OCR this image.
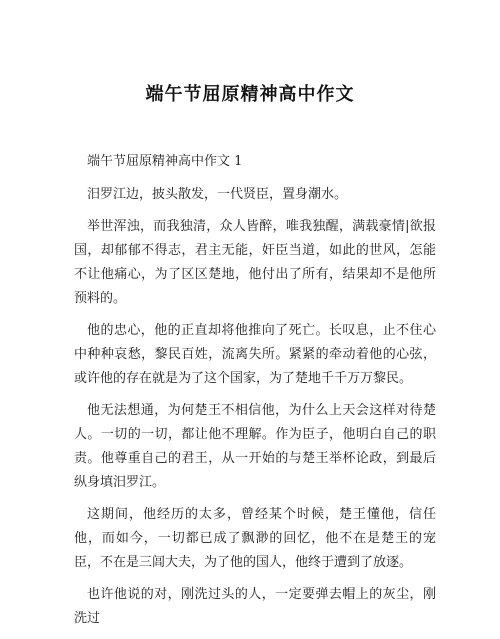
端午节屈原精神高中作文

端午节屈原精神高中作文 1

汨罗江边，披头散发，一代贤臣，置身潮水。

举世浑浊，而我独清，众人皆醉，唯我独醒，满载豪情|欲报国，却郁郁不得志，君主无能，奸臣当道，如此的世风，怎能不让他痛心，为了区区楚地，他付出了所有，结果却不是他所预料的。

他的忠心，他的正直却将他推向了死亡。长叹息，止不住心中种种哀愁，黎民百姓，流离失所。紧紧的牵动着他的心弦，或许他的存在就是为了这个国家，为了楚地千千万万黎民。

他无法想通，为何楚王不相信他，为什么上天会这样对待楚人。一切的一切，都让他不理解。作为臣子，他明白自己的职责。他尊重自己的君王，从一开始的与楚王举杯论政，到最后纵身填汨罗江。

这期间，他经历的太多，曾经某个时候，楚王懂他，信任他，而如今，一切都已成了飘渺的回忆，他不在是楚王的宠臣，不在是三闾大夫，为了他的国人，他终于遭到了放逐。

也许他说的对，刚洗过头的人，一定要弹去帽上的灰尘，刚洗过
